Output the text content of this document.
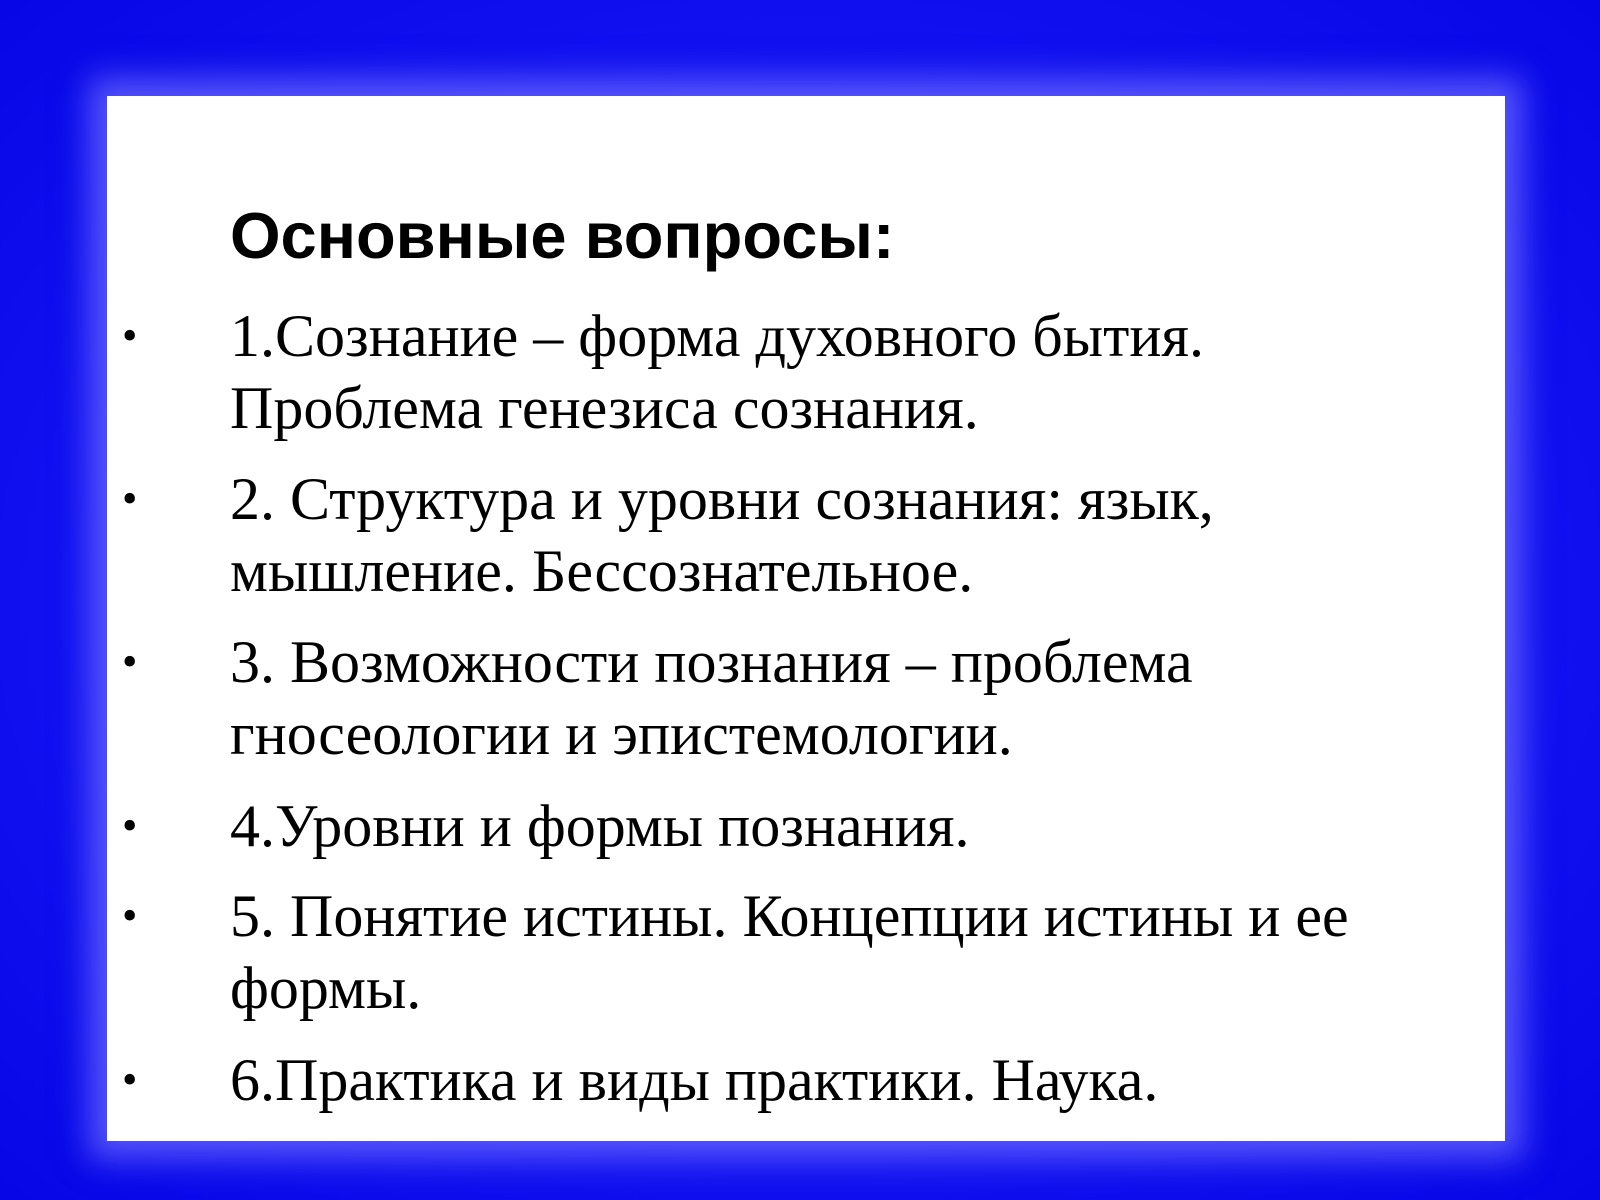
Основные вопросы:
• 1.Сознание – форма духовного бытия.
Проблема генезиса сознания.
• 2. Структура и уровни сознания: язык,
мышление. Бессознательное.
• 3. Возможности познания – проблема
гносеологии и эпистемологии.
• 4.Уровни и формы познания.
• 5. Понятие истины. Концепции истины и ее
формы.
• 6.Практика и виды практики. Наука.
